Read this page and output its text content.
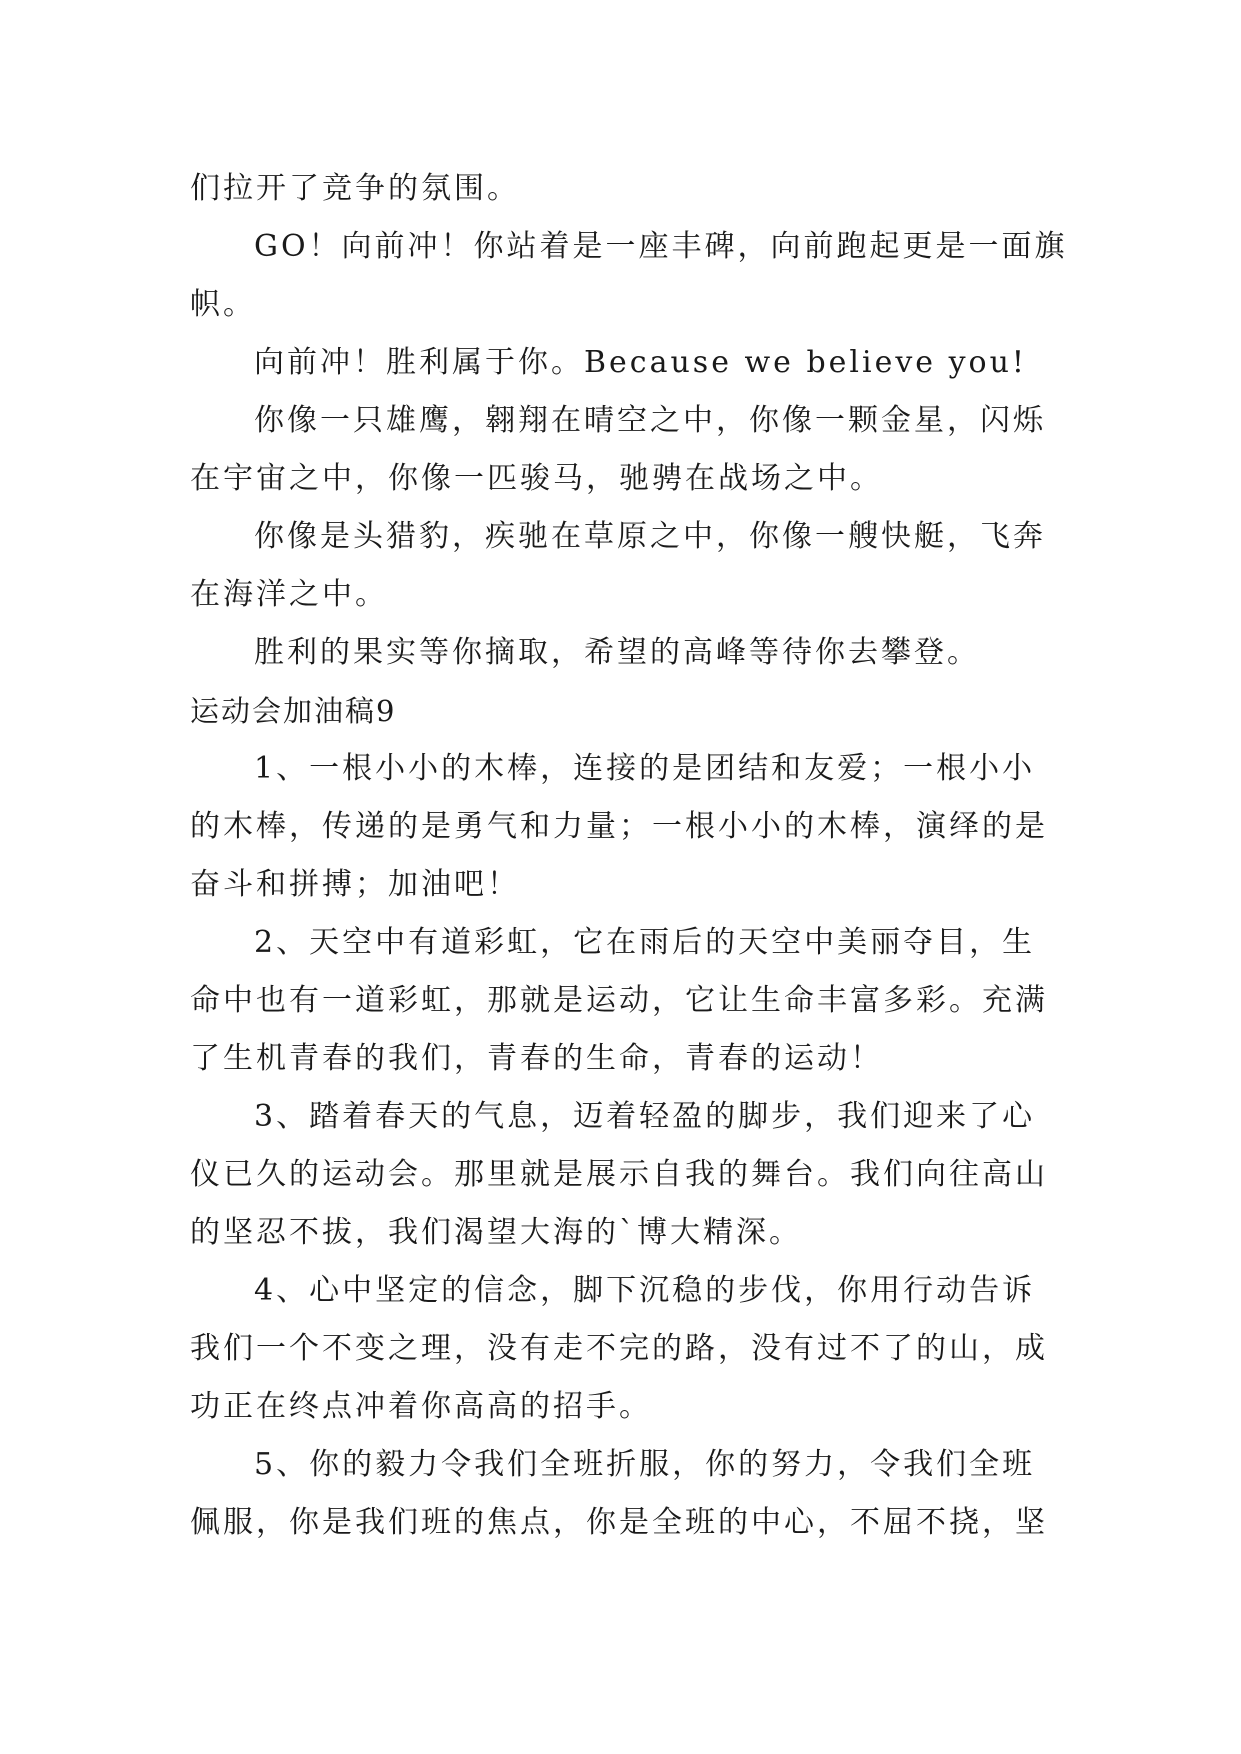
们拉开了竞争的氛围。
GO！向前冲！你站着是一座丰碑，向前跑起更是一面旗
帜。
向前冲！胜利属于你。Because we believe you!
你像一只雄鹰，翱翔在晴空之中，你像一颗金星，闪烁
在宇宙之中，你像一匹骏马，驰骋在战场之中。
你像是头猎豹，疾驰在草原之中，你像一艘快艇，飞奔
在海洋之中。
胜利的果实等你摘取，希望的高峰等待你去攀登。
运动会加油稿9
1、一根小小的木棒，连接的是团结和友爱；一根小小
的木棒，传递的是勇气和力量；一根小小的木棒，演绎的是
奋斗和拼搏；加油吧！
2、天空中有道彩虹，它在雨后的天空中美丽夺目，生
命中也有一道彩虹，那就是运动，它让生命丰富多彩。充满
了生机青春的我们，青春的生命，青春的运动！
3、踏着春天的气息，迈着轻盈的脚步，我们迎来了心
仪已久的运动会。那里就是展示自我的舞台。我们向往高山
的坚忍不拔，我们渴望大海的`博大精深。
4、心中坚定的信念，脚下沉稳的步伐，你用行动告诉
我们一个不变之理，没有走不完的路，没有过不了的山，成
功正在终点冲着你高高的招手。
5、你的毅力令我们全班折服，你的努力，令我们全班
佩服，你是我们班的焦点，你是全班的中心，不屈不挠，坚
